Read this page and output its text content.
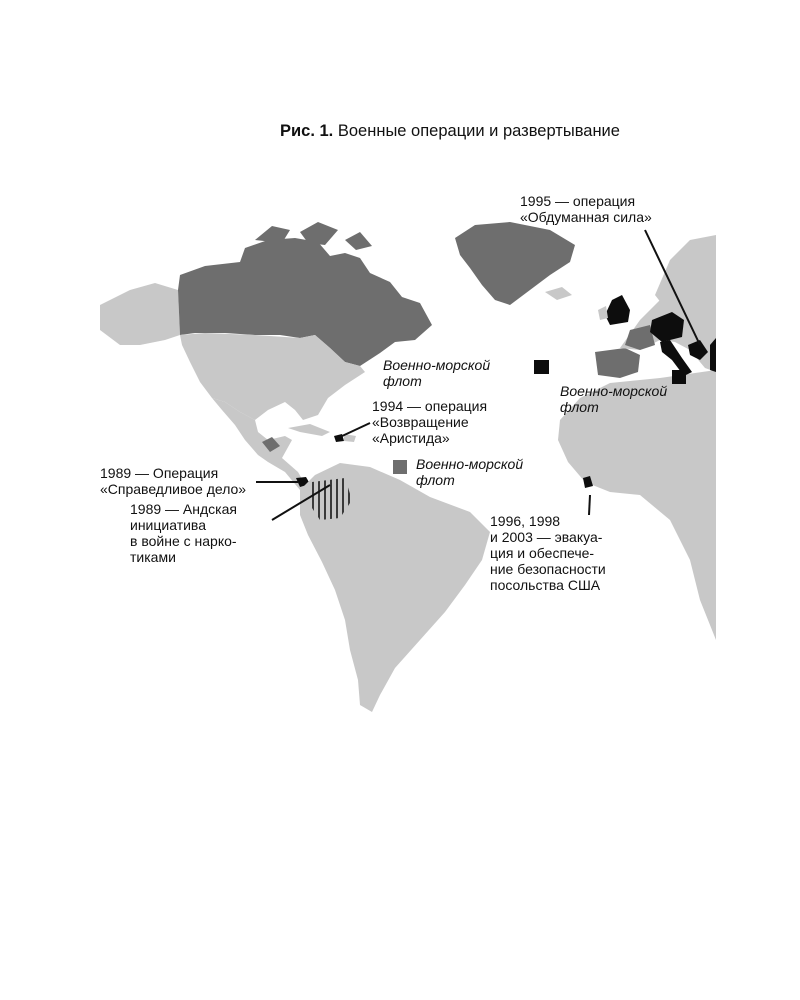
Рис. 1. Военные операции и развертывание
1995 — операция
«Обдуманная сила»
Военно-морской
флот
Военно-морской
флот
1994 — операция
«Возвращение
«Аристида»
Военно-морской
флот
1989 — Операция
«Справедливое дело»
1989 — Андская
инициатива
в войне с нарко-
тиками
1996, 1998
и 2003 — эвакуа-
ция и обеспече-
ние безопасности
посольства США
